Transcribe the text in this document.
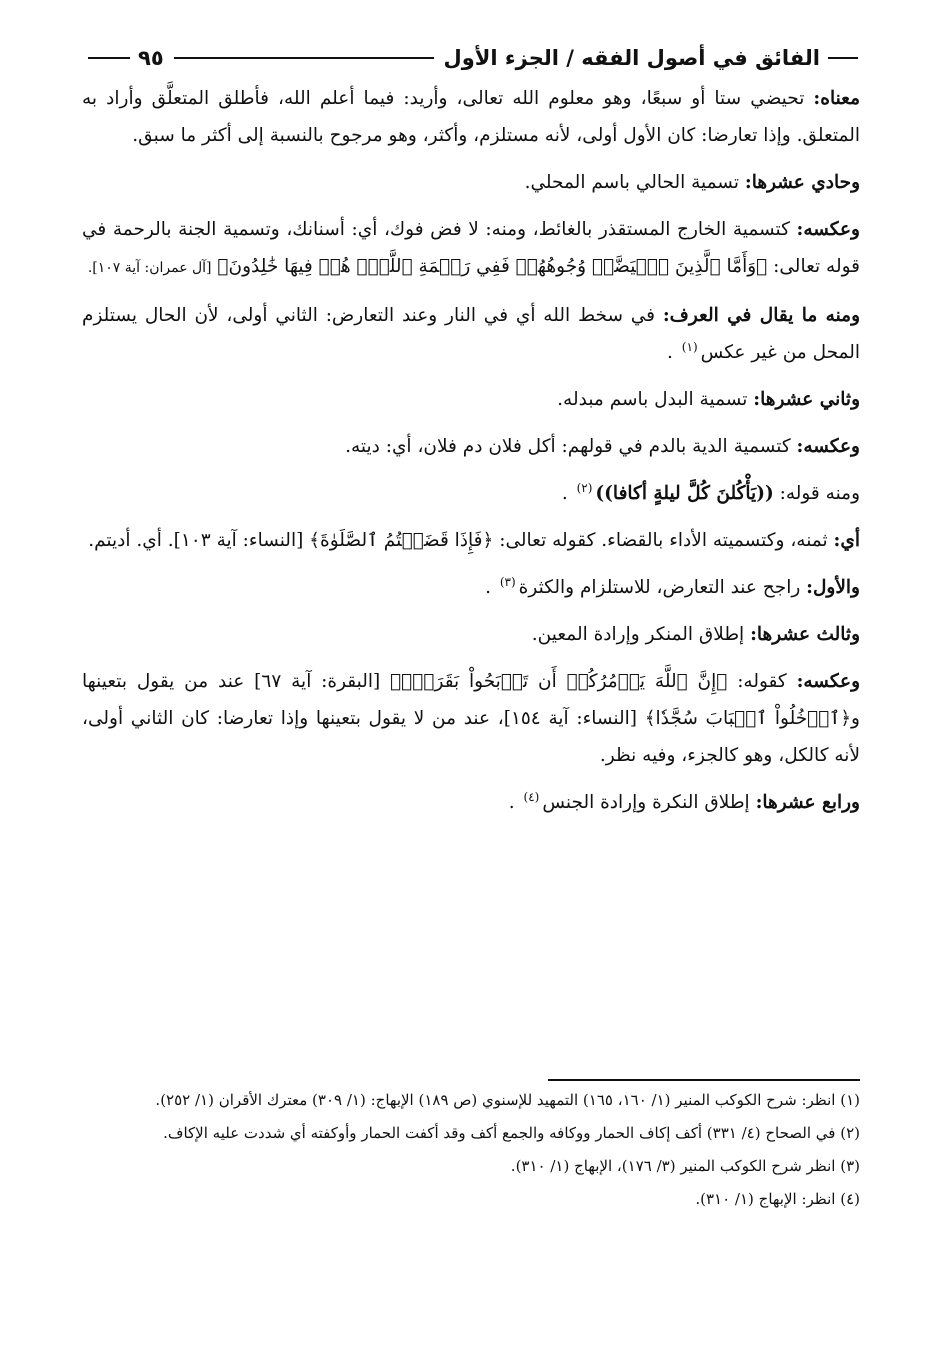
الفائق في أصول الفقه / الجزء الأول
٩٥

معناه: تحيضي ستا أو سبعًا، وهو معلوم الله تعالى، وأريد: فيما أعلم الله، فأطلق المتعلَّق وأراد به المتعلق. وإذا تعارضا: كان الأول أولى، لأنه مستلزم، وأكثر، وهو مرجوح بالنسبة إلى أكثر ما سبق.

وحادي عشرها: تسمية الحالي باسم المحلي.

وعكسه: كتسمية الخارج المستقذر بالغائط، ومنه: لا فض فوك، أي: أسنانك، وتسمية الجنة بالرحمة في قوله تعالى: ﴿وَأَمَّا ٱلَّذِينَ ٱبۡيَضَّتۡ وُجُوهُهُمۡ فَفِي رَحۡمَةِ ٱللَّهِۖ هُمۡ فِيهَا خَٰلِدُونَ﴾ [آل عمران: آية ١٠٧].

ومنه ما يقال في العرف: في سخط الله أي في النار وعند التعارض: الثاني أولى، لأن الحال يستلزم المحل من غير عكس$^{(١)}$ .

وثاني عشرها: تسمية البدل باسم مبدله.

وعكسه: كتسمية الدية بالدم في قولهم: أكل فلان دم فلان، أي: ديته.

ومنه قوله: ((يَأْكُلنَ كُلَّ ليلةٍ أكافا))$^{(٢)}$ .

أي: ثمنه، وكتسميته الأداء بالقضاء. كقوله تعالى: ﴿فَإِذَا قَضَيۡتُمُ ٱلصَّلَوٰةَ﴾ [النساء: آية ١٠٣]. أي. أديتم.

والأول: راجح عند التعارض، للاستلزام والكثرة$^{(٣)}$ .

وثالث عشرها: إطلاق المنكر وإرادة المعين.

وعكسه: كقوله: ﴿إِنَّ ٱللَّهَ يَأۡمُرُكُمۡ أَن تَذۡبَحُواْ بَقَرَةٗۖ﴾ [البقرة: آية ٦٧] عند من يقول بتعينها و﴿ٱدۡخُلُواْ ٱلۡبَابَ سُجَّدٗا﴾ [النساء: آية ١٥٤]، عند من لا يقول بتعينها وإذا تعارضا: كان الثاني أولى، لأنه كالكل، وهو كالجزء، وفيه نظر.

ورابع عشرها: إطلاق النكرة وإرادة الجنس$^{(٤)}$ .

(١) انظر: شرح الكوكب المنير (١/ ١٦٠، ١٦٥) التمهيد للإسنوي (ص ١٨٩) الإبهاج: (١/ ٣٠٩) معترك الأقران (١/ ٢٥٢).

(٢) في الصحاح (٤/ ٣٣١) أكف إكاف الحمار ووكافه والجمع أكف وقد أكفت الحمار وأوكفته أي شددت عليه الإكاف.

(٣) انظر شرح الكوكب المنير (٣/ ١٧٦)، الإبهاج (١/ ٣١٠).

(٤) انظر: الإبهاج (١/ ٣١٠).
